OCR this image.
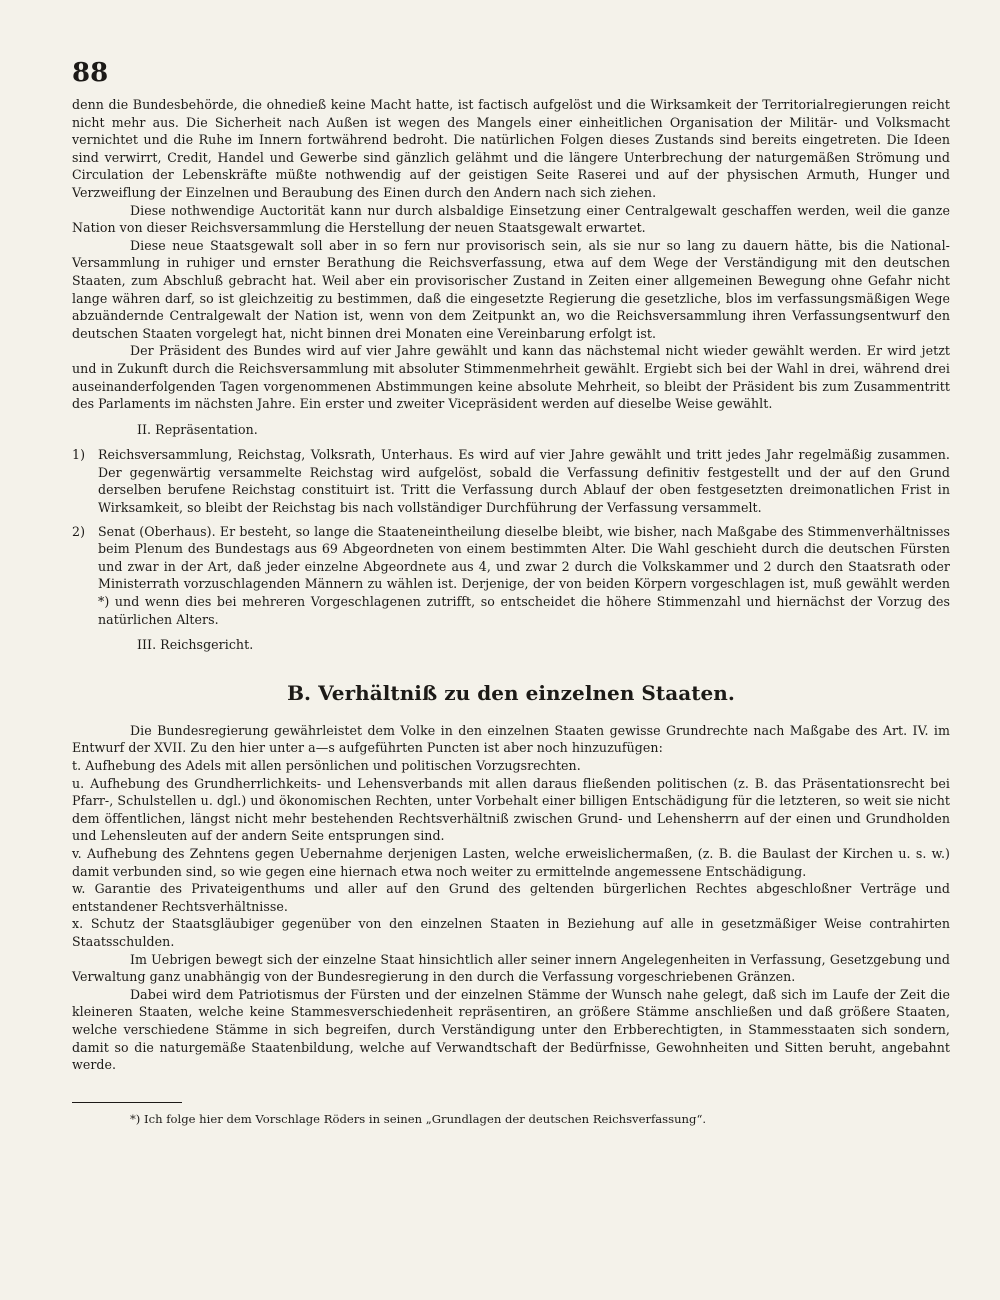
88

denn die Bundesbehörde, die ohnedieß keine Macht hatte, ist factisch aufgelöst und die Wirksamkeit der Territorialregierungen reicht nicht mehr aus. Die Sicherheit nach Außen ist wegen des Mangels einer einheitlichen Organisation der Militär- und Volksmacht vernichtet und die Ruhe im Innern fortwährend bedroht. Die natürlichen Folgen dieses Zustands sind bereits eingetreten. Die Ideen sind verwirrt, Credit, Handel und Gewerbe sind gänzlich gelähmt und die längere Unterbrechung der naturgemäßen Strömung und Circulation der Lebenskräfte müßte nothwendig auf der geistigen Seite Raserei und auf der physischen Armuth, Hunger und Verzweiflung der Einzelnen und Beraubung des Einen durch den Andern nach sich ziehen.

Diese nothwendige Auctorität kann nur durch alsbaldige Einsetzung einer Centralgewalt geschaffen werden, weil die ganze Nation von dieser Reichsversammlung die Herstellung der neuen Staatsgewalt erwartet.

Diese neue Staatsgewalt soll aber in so fern nur provisorisch sein, als sie nur so lang zu dauern hätte, bis die National-Versammlung in ruhiger und ernster Berathung die Reichsverfassung, etwa auf dem Wege der Verständigung mit den deutschen Staaten, zum Abschluß gebracht hat. Weil aber ein provisorischer Zustand in Zeiten einer allgemeinen Bewegung ohne Gefahr nicht lange währen darf, so ist gleichzeitig zu bestimmen, daß die eingesetzte Regierung die gesetzliche, blos im verfassungsmäßigen Wege abzuändernde Centralgewalt der Nation ist, wenn von dem Zeitpunkt an, wo die Reichsversammlung ihren Verfassungsentwurf den deutschen Staaten vorgelegt hat, nicht binnen drei Monaten eine Vereinbarung erfolgt ist.

Der Präsident des Bundes wird auf vier Jahre gewählt und kann das nächstemal nicht wieder gewählt werden. Er wird jetzt und in Zukunft durch die Reichsversammlung mit absoluter Stimmenmehrheit gewählt. Ergiebt sich bei der Wahl in drei, während drei auseinanderfolgenden Tagen vorgenommenen Abstimmungen keine absolute Mehrheit, so bleibt der Präsident bis zum Zusammentritt des Parlaments im nächsten Jahre. Ein erster und zweiter Vicepräsident werden auf dieselbe Weise gewählt.

II. Repräsentation.
1)	Reichsversammlung, Reichstag, Volksrath, Unterhaus. Es wird auf vier Jahre gewählt und tritt jedes Jahr regelmäßig zusammen. Der gegenwärtig versammelte Reichstag wird aufgelöst, sobald die Verfassung definitiv festgestellt und der auf den Grund derselben berufene Reichstag constituirt ist. Tritt die Verfassung durch Ablauf der oben festgesetzten dreimonatlichen Frist in Wirksamkeit, so bleibt der Reichstag bis nach vollständiger Durchführung der Verfassung versammelt.
2)	Senat (Oberhaus). Er besteht, so lange die Staateneintheilung dieselbe bleibt, wie bisher, nach Maßgabe des Stimmenverhältnisses beim Plenum des Bundestags aus 69 Abgeordneten von einem bestimmten Alter. Die Wahl geschieht durch die deutschen Fürsten und zwar in der Art, daß jeder einzelne Abgeordnete aus 4, und zwar 2 durch die Volkskammer und 2 durch den Staatsrath oder Ministerrath vorzuschlagenden Männern zu wählen ist. Derjenige, der von beiden Körpern vorgeschlagen ist, muß gewählt werden *) und wenn dies bei mehreren Vorgeschlagenen zutrifft, so entscheidet die höhere Stimmenzahl und hiernächst der Vorzug des natürlichen Alters.
III. Reichsgericht.
B. Verhältniß zu den einzelnen Staaten.

Die Bundesregierung gewährleistet dem Volke in den einzelnen Staaten gewisse Grundrechte nach Maßgabe des Art. IV. im Entwurf der XVII. Zu den hier unter a—s aufgeführten Puncten ist aber noch hinzuzufügen:

t. Aufhebung des Adels mit allen persönlichen und politischen Vorzugsrechten.

u. Aufhebung des Grundherrlichkeits- und Lehensverbands mit allen daraus fließenden politischen (z. B. das Präsentationsrecht bei Pfarr-, Schulstellen u. dgl.) und ökonomischen Rechten, unter Vorbehalt einer billigen Entschädigung für die letzteren, so weit sie nicht dem öffentlichen, längst nicht mehr bestehenden Rechtsverhältniß zwischen Grund- und Lehensherrn auf der einen und Grundholden und Lehensleuten auf der andern Seite entsprungen sind.

v. Aufhebung des Zehntens gegen Uebernahme derjenigen Lasten, welche erweislichermaßen, (z. B. die Baulast der Kirchen u. s. w.) damit verbunden sind, so wie gegen eine hiernach etwa noch weiter zu ermittelnde angemessene Entschädigung.

w. Garantie des Privateigenthums und aller auf den Grund des geltenden bürgerlichen Rechtes abgeschloßner Verträge und entstandener Rechtsverhältnisse.

x. Schutz der Staatsgläubiger gegenüber von den einzelnen Staaten in Beziehung auf alle in gesetzmäßiger Weise contrahirten Staatsschulden.

Im Uebrigen bewegt sich der einzelne Staat hinsichtlich aller seiner innern Angelegenheiten in Verfassung, Gesetzgebung und Verwaltung ganz unabhängig von der Bundesregierung in den durch die Verfassung vorgeschriebenen Gränzen.

Dabei wird dem Patriotismus der Fürsten und der einzelnen Stämme der Wunsch nahe gelegt, daß sich im Laufe der Zeit die kleineren Staaten, welche keine Stammesverschiedenheit repräsentiren, an größere Stämme anschließen und daß größere Staaten, welche verschiedene Stämme in sich begreifen, durch Verständigung unter den Erbberechtigten, in Stammesstaaten sich sondern, damit so die naturgemäße Staatenbildung, welche auf Verwandtschaft der Bedürfnisse, Gewohnheiten und Sitten beruht, angebahnt werde.

*) Ich folge hier dem Vorschlage Röders in seinen „Grundlagen der deutschen Reichsverfassung“.
